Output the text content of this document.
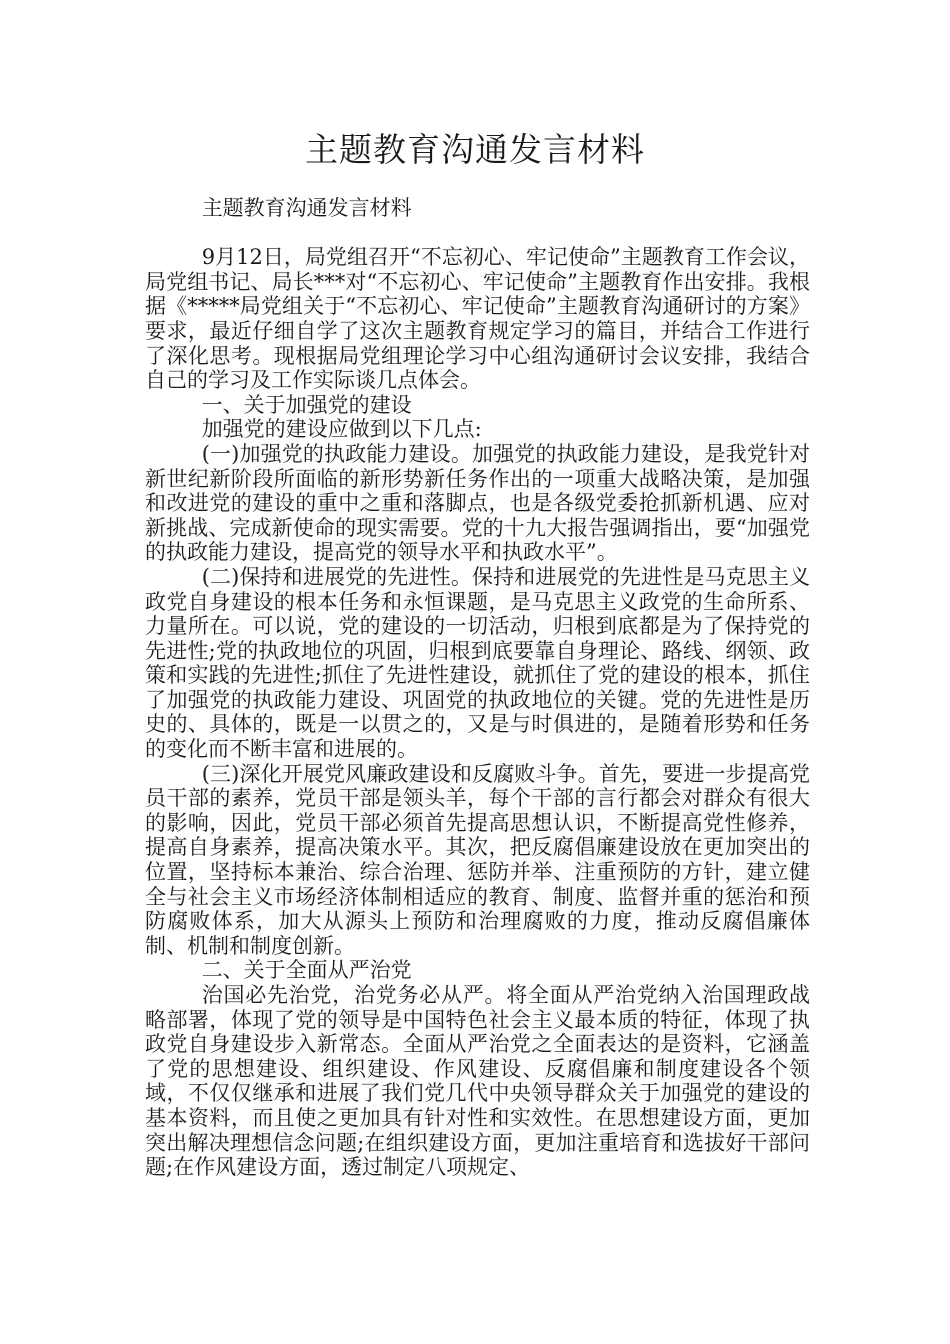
主题教育沟通发言材料

主题教育沟通发言材料

9月12日，局党组召开“不忘初心、牢记使命”主题教育工作会议，局党组书记、局长***对“不忘初心、牢记使命”主题教育作出安排。我根据《*****局党组关于“不忘初心、牢记使命”主题教育沟通研讨的方案》要求，最近仔细自学了这次主题教育规定学习的篇目，并结合工作进行了深化思考。现根据局党组理论学习中心组沟通研讨会议安排，我结合自己的学习及工作实际谈几点体会。

一、关于加强党的建设

加强党的建设应做到以下几点:

(一)加强党的执政能力建设。加强党的执政能力建设，是我党针对新世纪新阶段所面临的新形势新任务作出的一项重大战略决策，是加强和改进党的建设的重中之重和落脚点，也是各级党委抢抓新机遇、应对新挑战、完成新使命的现实需要。党的十九大报告强调指出，要“加强党的执政能力建设，提高党的领导水平和执政水平”。

(二)保持和进展党的先进性。保持和进展党的先进性是马克思主义政党自身建设的根本任务和永恒课题，是马克思主义政党的生命所系、力量所在。可以说，党的建设的一切活动，归根到底都是为了保持党的先进性;党的执政地位的巩固，归根到底要靠自身理论、路线、纲领、政策和实践的先进性;抓住了先进性建设，就抓住了党的建设的根本，抓住了加强党的执政能力建设、巩固党的执政地位的关键。党的先进性是历史的、具体的，既是一以贯之的，又是与时俱进的，是随着形势和任务的变化而不断丰富和进展的。

(三)深化开展党风廉政建设和反腐败斗争。首先，要进一步提高党员干部的素养，党员干部是领头羊，每个干部的言行都会对群众有很大的影响，因此，党员干部必须首先提高思想认识，不断提高党性修养，提高自身素养，提高决策水平。其次，把反腐倡廉建设放在更加突出的位置，坚持标本兼治、综合治理、惩防并举、注重预防的方针，建立健全与社会主义市场经济体制相适应的教育、制度、监督并重的惩治和预防腐败体系，加大从源头上预防和治理腐败的力度，推动反腐倡廉体制、机制和制度创新。

二、关于全面从严治党

治国必先治党，治党务必从严。将全面从严治党纳入治国理政战略部署，体现了党的领导是中国特色社会主义最本质的特征，体现了执政党自身建设步入新常态。全面从严治党之全面表达的是资料，它涵盖了党的思想建设、组织建设、作风建设、反腐倡廉和制度建设各个领域，不仅仅继承和进展了我们党几代中央领导群众关于加强党的建设的基本资料，而且使之更加具有针对性和实效性。在思想建设方面，更加突出解决理想信念问题;在组织建设方面，更加注重培育和选拔好干部问题;在作风建设方面，透过制定八项规定、
